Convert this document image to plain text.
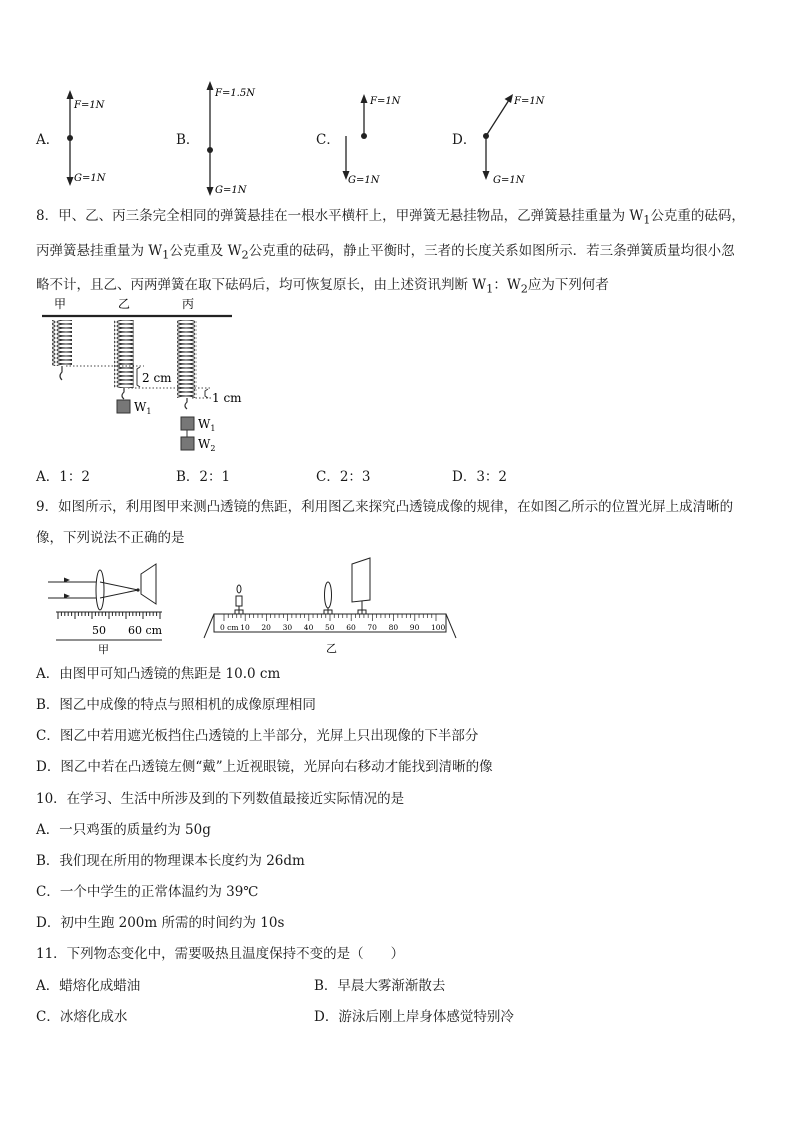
A．
F=1N
G=1N
B．
F=1.5N
G=1N
C．
F=1N
G=1N
D．
F=1N
G=1N
8．甲、乙、丙三条完全相同的弹簧悬挂在一根水平横杆上，甲弹簧无悬挂物品，乙弹簧悬挂重量为 $W_1$公克重的砝码，
丙弹簧悬挂重量为 $W_1$公克重及 $W_2$公克重的砝码，静止平衡时，三者的长度关系如图所示．若三条弹簧质量均很小忽
略不计，且乙、丙两弹簧在取下砝码后，均可恢复原长，由上述资讯判断 $W_1$：$W_2$应为下列何者
甲	乙	丙
$W_1$
$W_1$
$W_2$
2 cm
1 cm
A．1：2	B．2：1	C．2：3	D．3：2
9．如图所示，利用图甲来测凸透镜的焦距，利用图乙来探究凸透镜成像的规律，在如图乙所示的位置光屏上成清晰的
像，下列说法不正确的是
50 60 cm
甲
0 cm 10 20 30 40 50 60 70 80 90 100
乙
A．由图甲可知凸透镜的焦距是 10.0 cm
B．图乙中成像的特点与照相机的成像原理相同
C．图乙中若用遮光板挡住凸透镜的上半部分，光屏上只出现像的下半部分
D．图乙中若在凸透镜左侧“戴”上近视眼镜，光屏向右移动才能找到清晰的像
10．在学习、生活中所涉及到的下列数值最接近实际情况的是
A．一只鸡蛋的质量约为 50g
B．我们现在所用的物理课本长度约为 26dm
C．一个中学生的正常体温约为 39℃
D．初中生跑 200m 所需的时间约为 10s
11．下列物态变化中，需要吸热且温度保持不变的是（　　）
A．蜡熔化成蜡油	B．早晨大雾渐渐散去
C．冰熔化成水	D．游泳后刚上岸身体感觉特别冷
